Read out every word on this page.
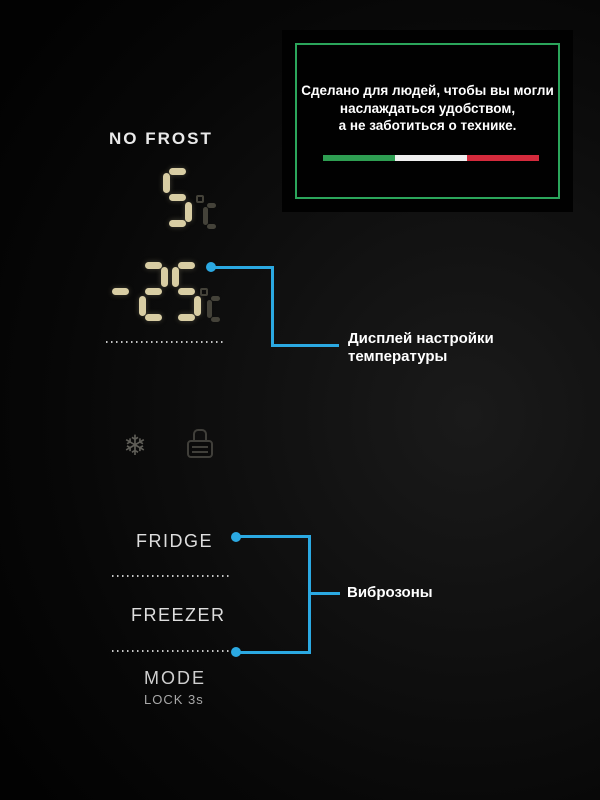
NO FROST
❄
FRIDGE
FREEZER
MODE
LOCK 3s
Дисплей настройки
температуры
Виброзоны
Сделано для людей, чтобы вы могли
наслаждаться удобством,
а не заботиться о технике.
